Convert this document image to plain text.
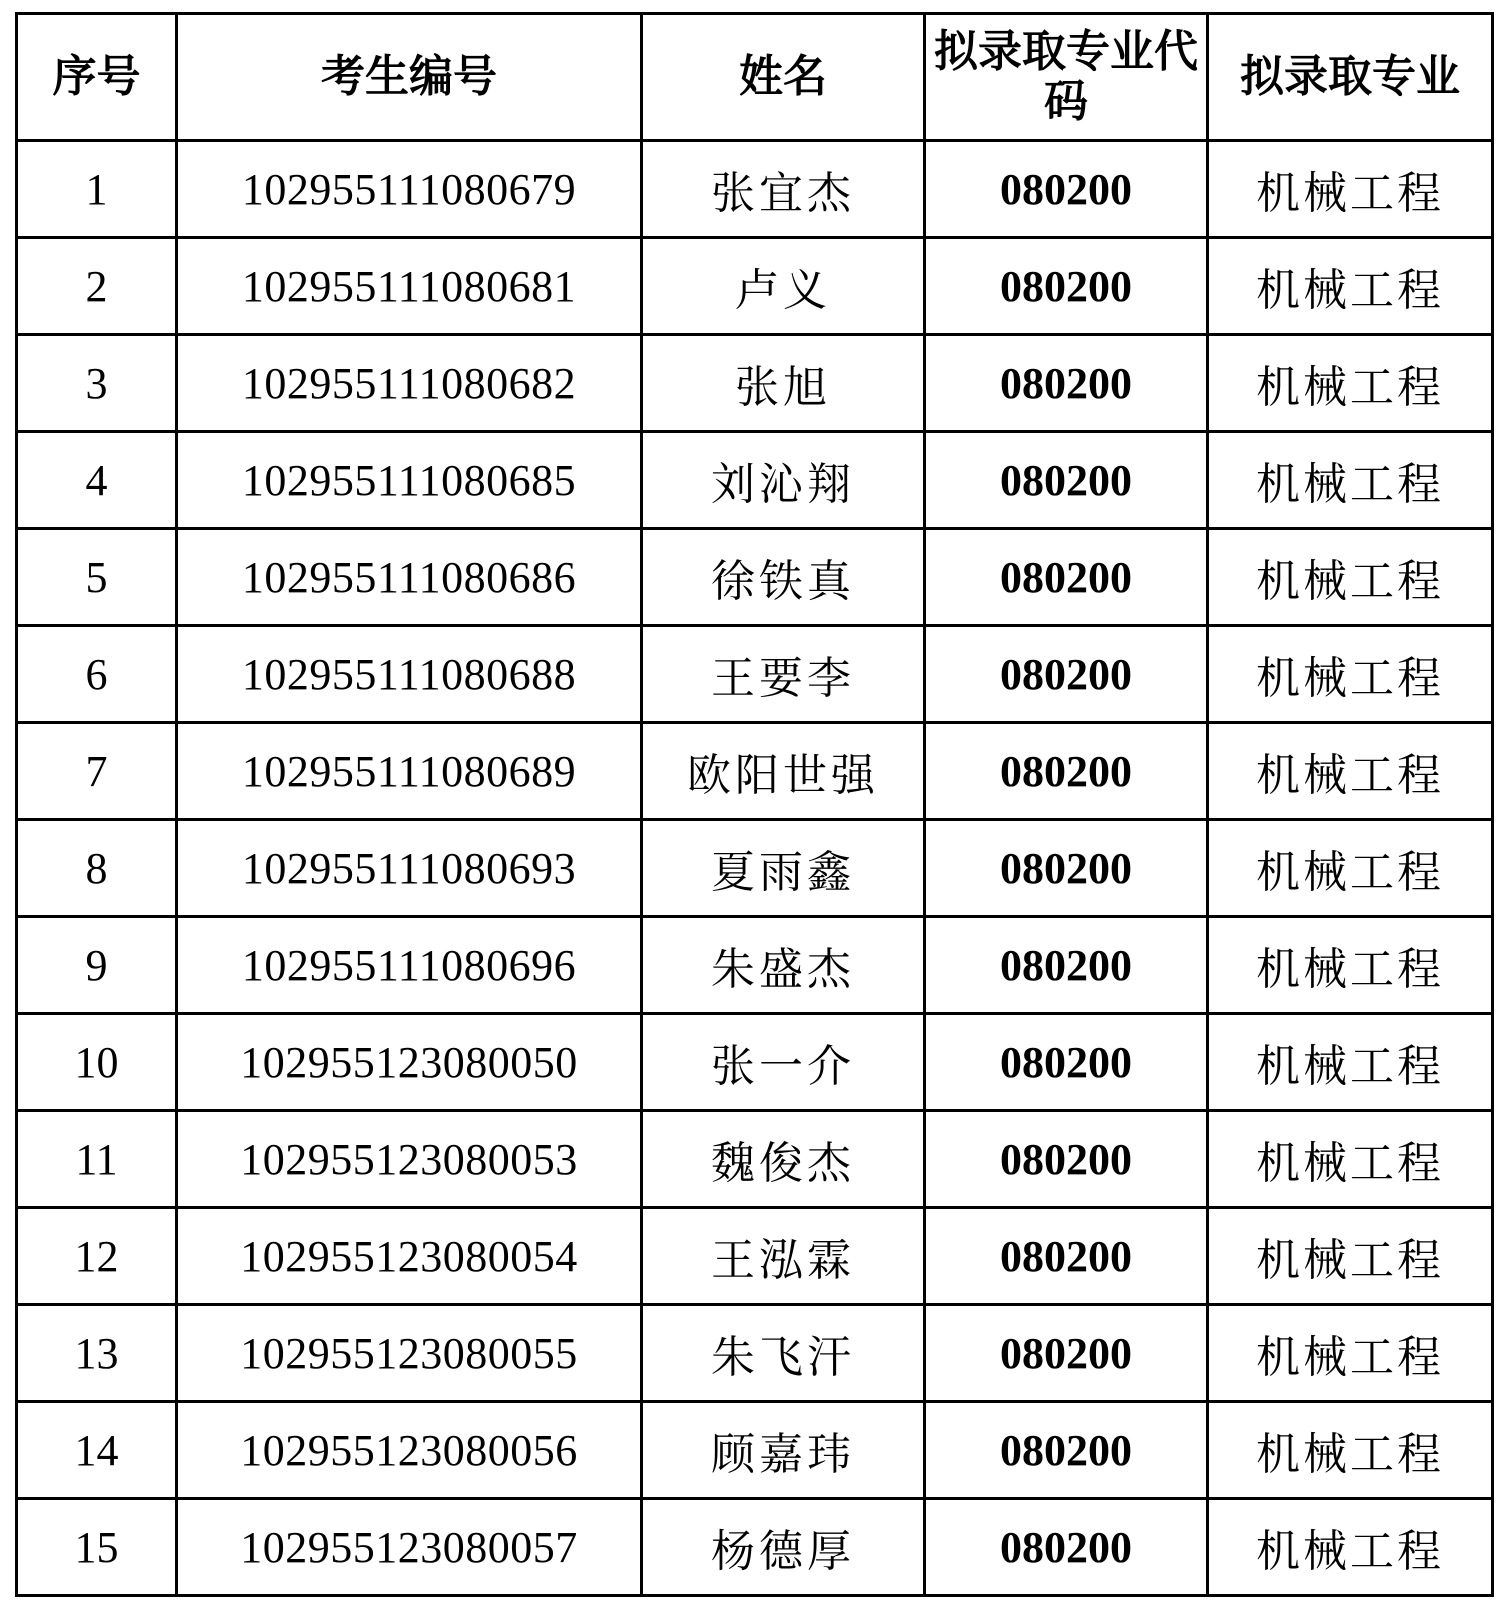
序号	考生编号	姓名	拟录取专业代码	拟录取专业
1	102955111080679	张宜杰	080200	机械工程
2	102955111080681	卢义	080200	机械工程
3	102955111080682	张旭	080200	机械工程
4	102955111080685	刘沁翔	080200	机械工程
5	102955111080686	徐铁真	080200	机械工程
6	102955111080688	王要李	080200	机械工程
7	102955111080689	欧阳世强	080200	机械工程
8	102955111080693	夏雨鑫	080200	机械工程
9	102955111080696	朱盛杰	080200	机械工程
10	102955123080050	张一介	080200	机械工程
11	102955123080053	魏俊杰	080200	机械工程
12	102955123080054	王泓霖	080200	机械工程
13	102955123080055	朱飞汗	080200	机械工程
14	102955123080056	顾嘉玮	080200	机械工程
15	102955123080057	杨德厚	080200	机械工程
